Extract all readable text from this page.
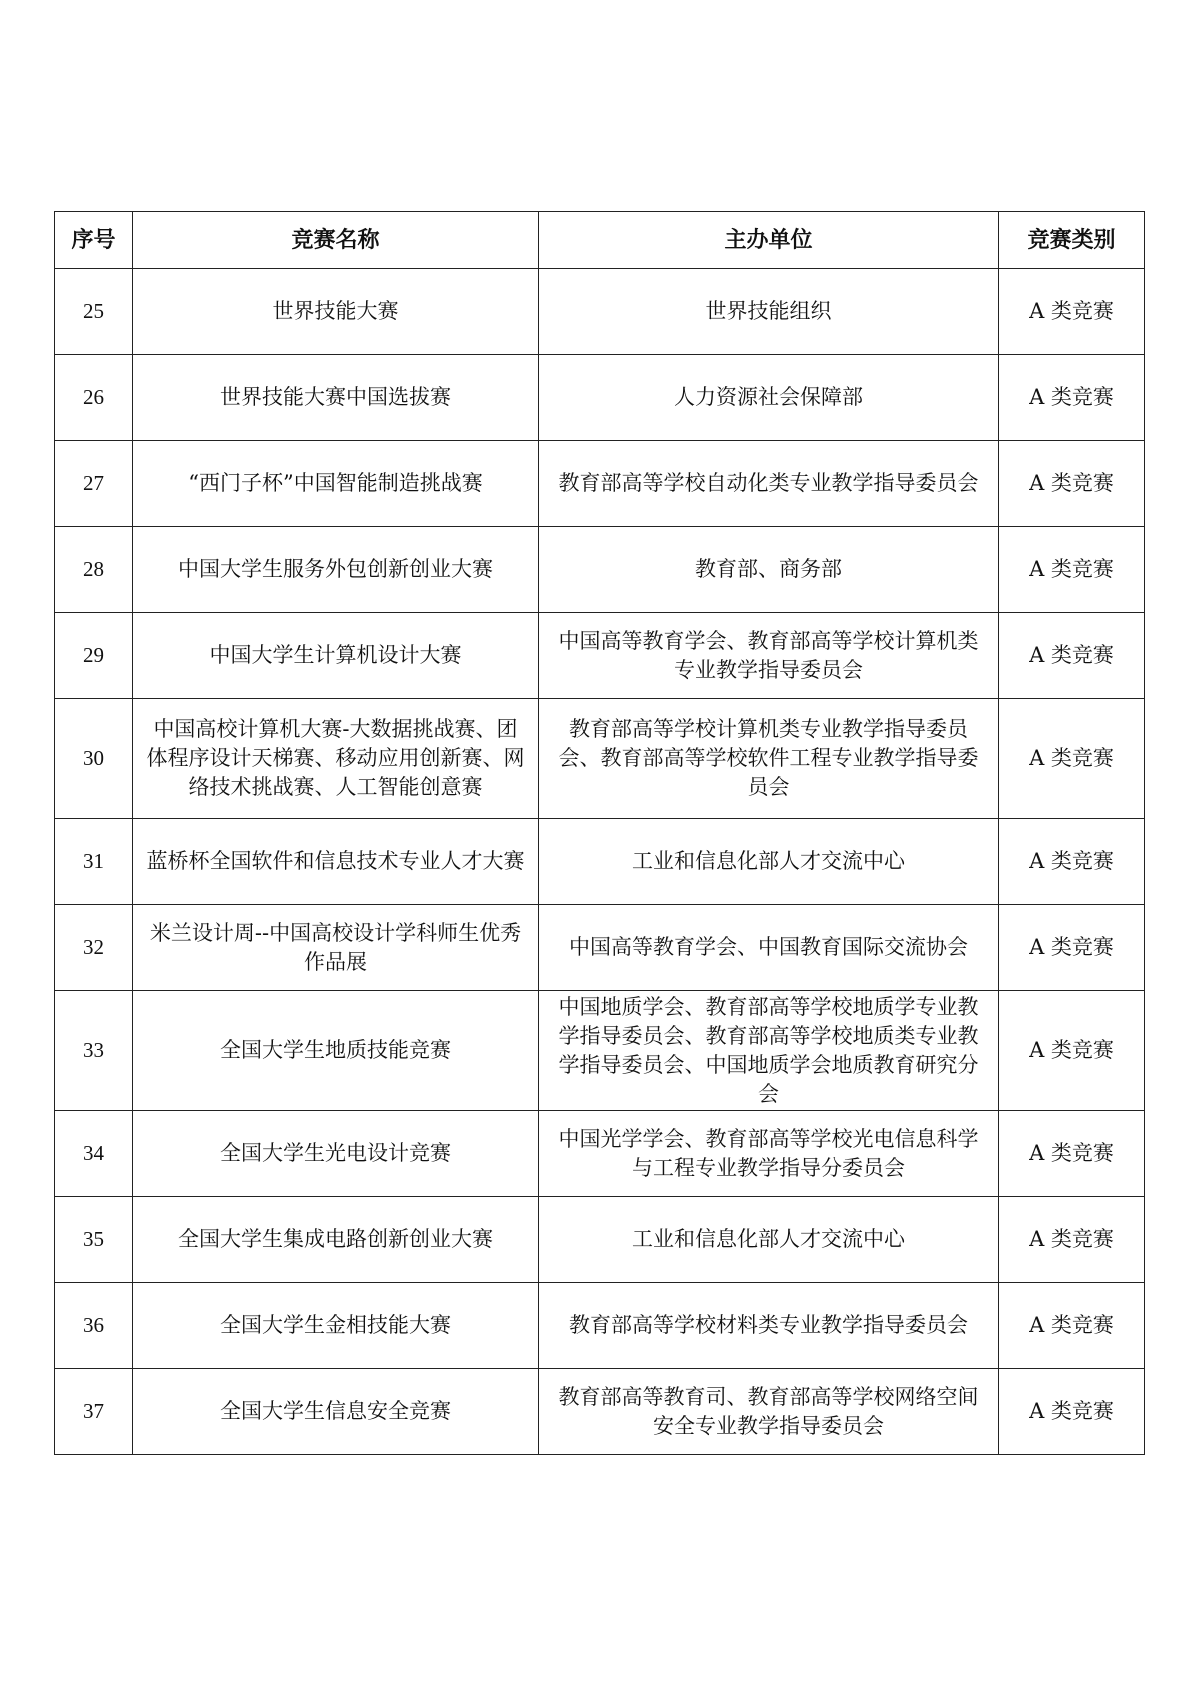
序号	竞赛名称	主办单位	竞赛类别
25	世界技能大赛	世界技能组织	A 类竞赛
26	世界技能大赛中国选拔赛	人力资源社会保障部	A 类竞赛
27	“西门子杯”中国智能制造挑战赛	教育部高等学校自动化类专业教学指导委员会	A 类竞赛
28	中国大学生服务外包创新创业大赛	教育部、商务部	A 类竞赛
29	中国大学生计算机设计大赛	中国高等教育学会、教育部高等学校计算机类专业教学指导委员会	A 类竞赛
30	中国高校计算机大赛-大数据挑战赛、团体程序设计天梯赛、移动应用创新赛、网络技术挑战赛、人工智能创意赛	教育部高等学校计算机类专业教学指导委员会、教育部高等学校软件工程专业教学指导委员会	A 类竞赛
31	蓝桥杯全国软件和信息技术专业人才大赛	工业和信息化部人才交流中心	A 类竞赛
32	米兰设计周--中国高校设计学科师生优秀作品展	中国高等教育学会、中国教育国际交流协会	A 类竞赛
33	全国大学生地质技能竞赛	中国地质学会、教育部高等学校地质学专业教学指导委员会、教育部高等学校地质类专业教学指导委员会、中国地质学会地质教育研究分会	A 类竞赛
34	全国大学生光电设计竞赛	中国光学学会、教育部高等学校光电信息科学与工程专业教学指导分委员会	A 类竞赛
35	全国大学生集成电路创新创业大赛	工业和信息化部人才交流中心	A 类竞赛
36	全国大学生金相技能大赛	教育部高等学校材料类专业教学指导委员会	A 类竞赛
37	全国大学生信息安全竞赛	教育部高等教育司、教育部高等学校网络空间安全专业教学指导委员会	A 类竞赛
